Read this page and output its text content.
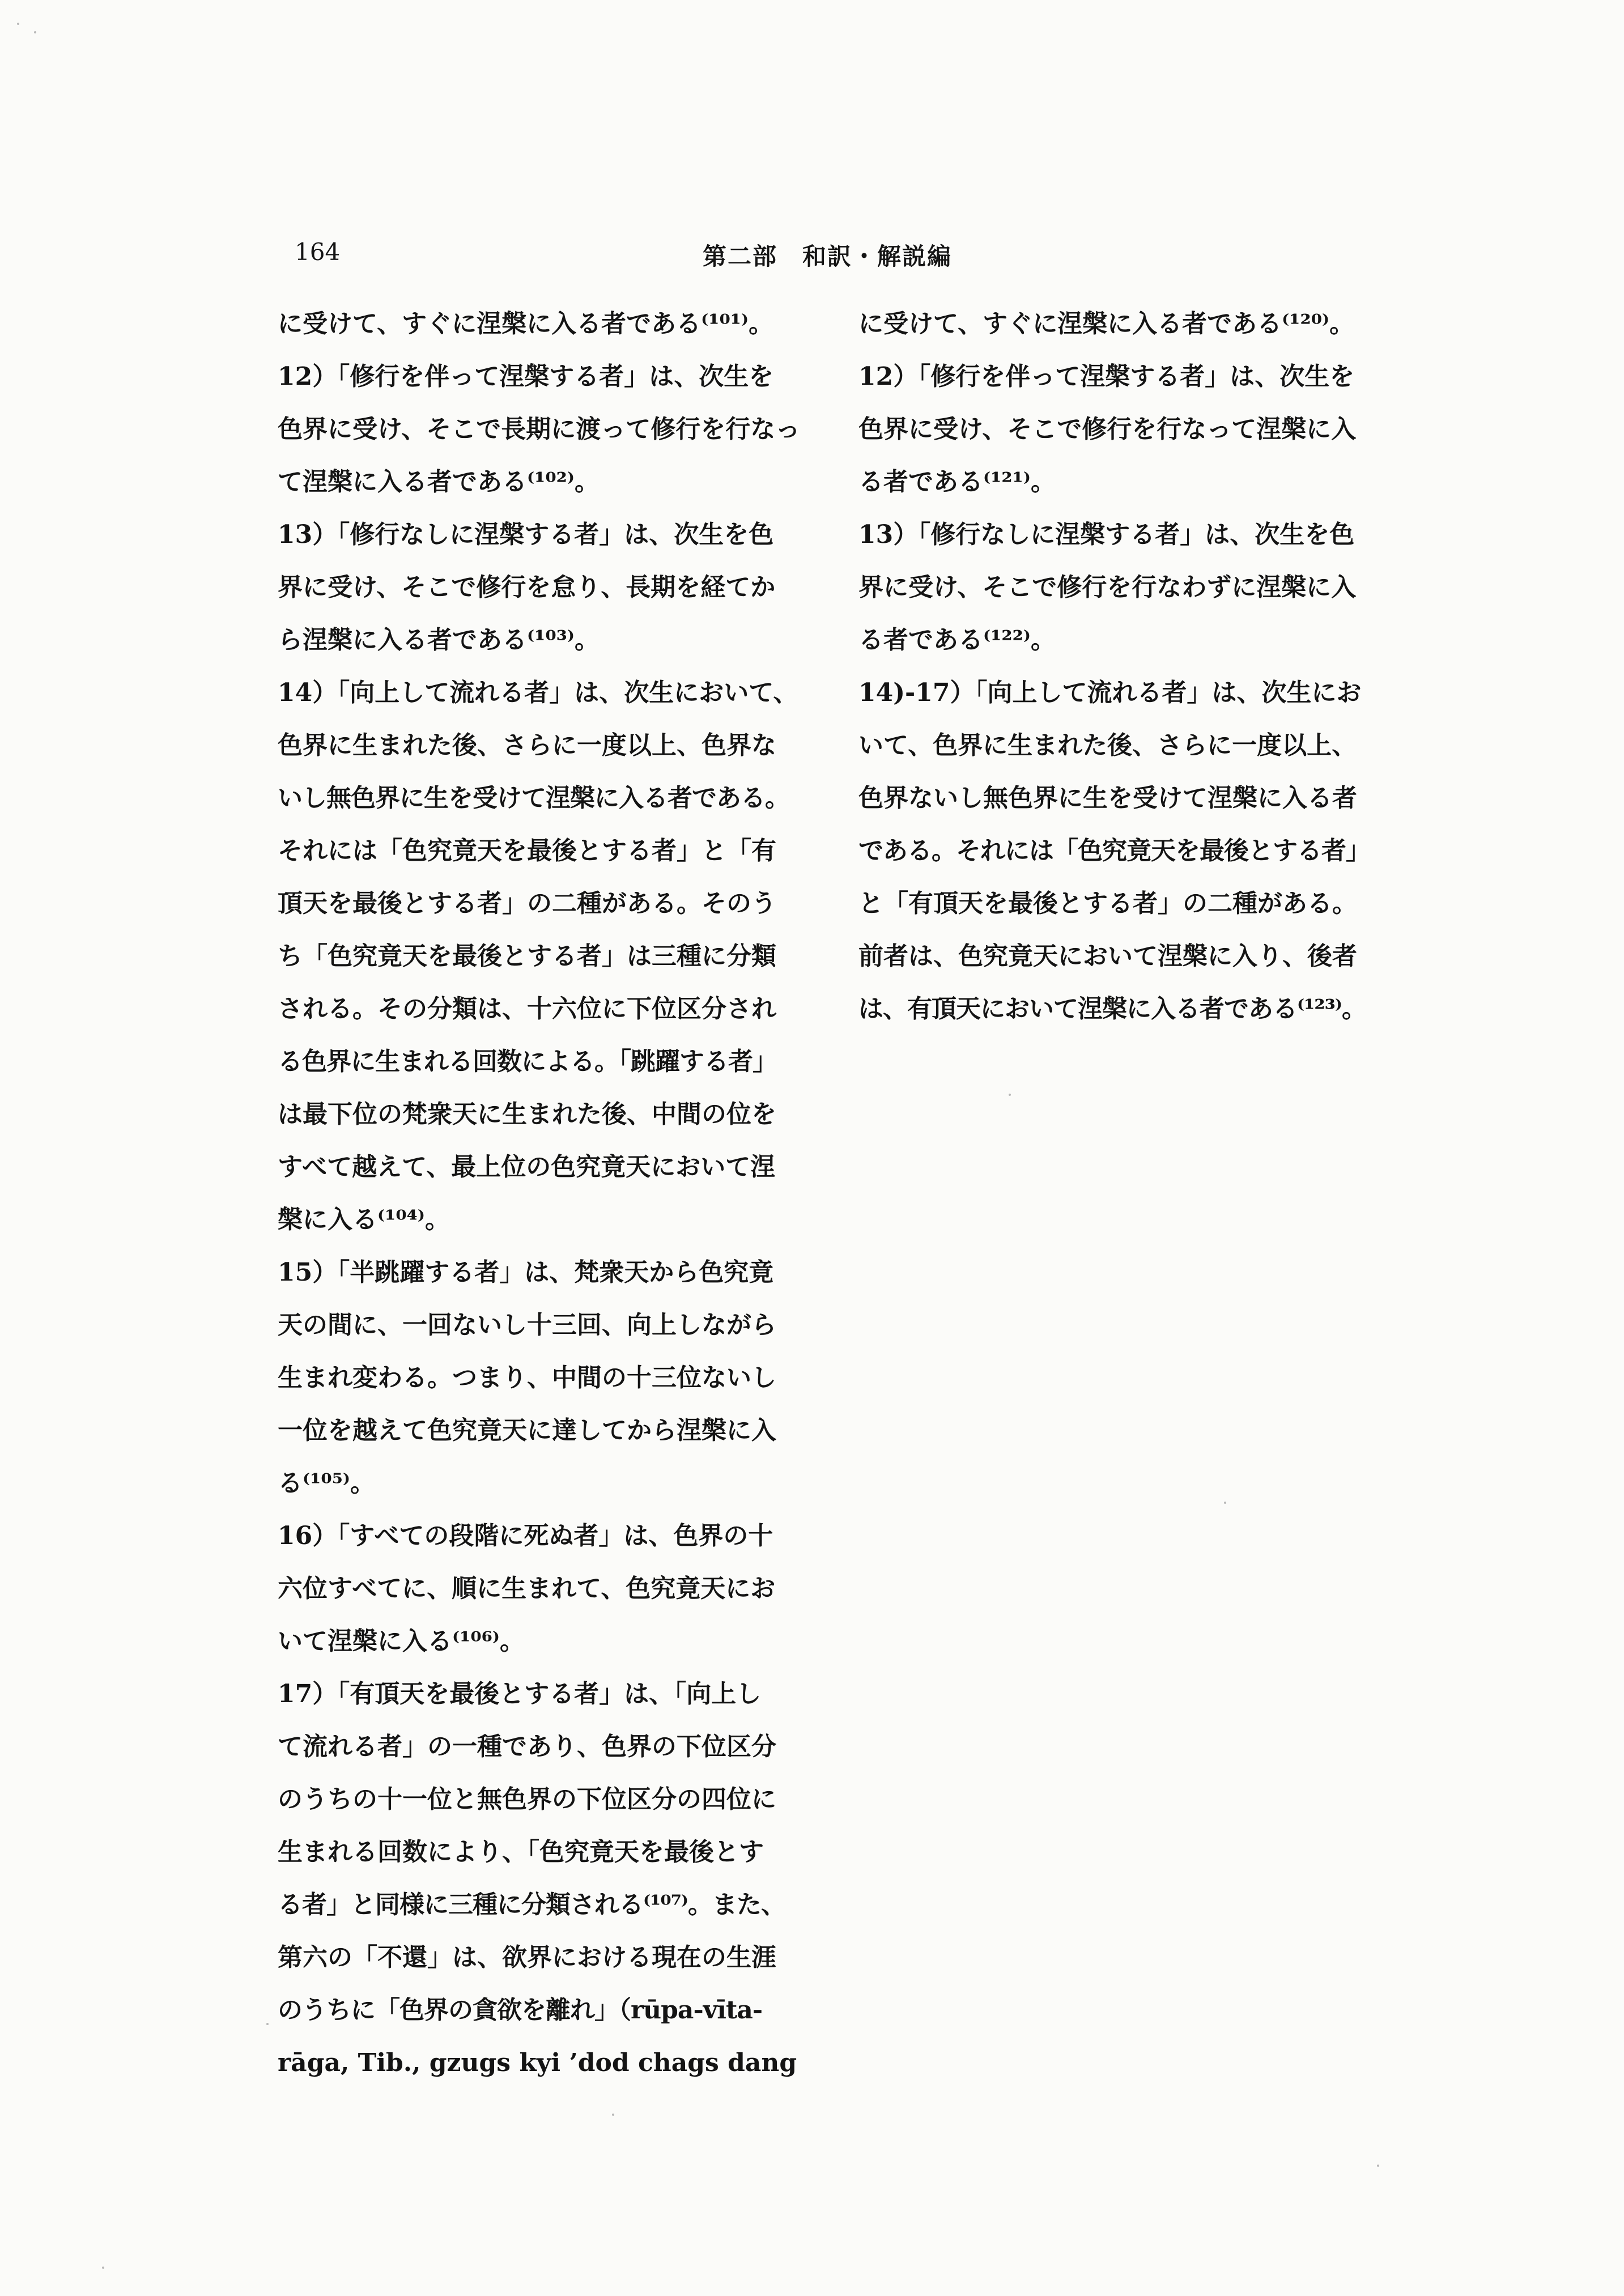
164	第二部　和訳・解説編
に受けて、すぐに涅槃に入る者である⁽¹⁰¹⁾。
12）「修行を伴って涅槃する者」は、次生を
色界に受け、そこで長期に渡って修行を行なっ
て涅槃に入る者である⁽¹⁰²⁾。
13）「修行なしに涅槃する者」は、次生を色
界に受け、そこで修行を怠り、長期を経てか
ら涅槃に入る者である⁽¹⁰³⁾。
14）「向上して流れる者」は、次生において、
色界に生まれた後、さらに一度以上、色界な
いし無色界に生を受けて涅槃に入る者である。
それには「色究竟天を最後とする者」と「有
頂天を最後とする者」の二種がある。そのう
ち「色究竟天を最後とする者」は三種に分類
される。その分類は、十六位に下位区分され
る色界に生まれる回数による。「跳躍する者」
は最下位の梵衆天に生まれた後、中間の位を
すべて越えて、最上位の色究竟天において涅
槃に入る⁽¹⁰⁴⁾。
15）「半跳躍する者」は、梵衆天から色究竟
天の間に、一回ないし十三回、向上しながら
生まれ変わる。つまり、中間の十三位ないし
一位を越えて色究竟天に達してから涅槃に入
る⁽¹⁰⁵⁾。
16）「すべての段階に死ぬ者」は、色界の十
六位すべてに、順に生まれて、色究竟天にお
いて涅槃に入る⁽¹⁰⁶⁾。
17）「有頂天を最後とする者」は、「向上し
て流れる者」の一種であり、色界の下位区分
のうちの十一位と無色界の下位区分の四位に
生まれる回数により、「色究竟天を最後とす
る者」と同様に三種に分類される⁽¹⁰⁷⁾。また、
第六の「不還」は、欲界における現在の生涯
のうちに「色界の貪欲を離れ」（rūpa-vīta-
rāga, Tib., gzugs kyi ’dod chags dang
に受けて、すぐに涅槃に入る者である⁽¹²⁰⁾。
12）「修行を伴って涅槃する者」は、次生を
色界に受け、そこで修行を行なって涅槃に入
る者である⁽¹²¹⁾。
13）「修行なしに涅槃する者」は、次生を色
界に受け、そこで修行を行なわずに涅槃に入
る者である⁽¹²²⁾。
14)-17）「向上して流れる者」は、次生にお
いて、色界に生まれた後、さらに一度以上、
色界ないし無色界に生を受けて涅槃に入る者
である。それには「色究竟天を最後とする者」
と「有頂天を最後とする者」の二種がある。
前者は、色究竟天において涅槃に入り、後者
は、有頂天において涅槃に入る者である⁽¹²³⁾。
